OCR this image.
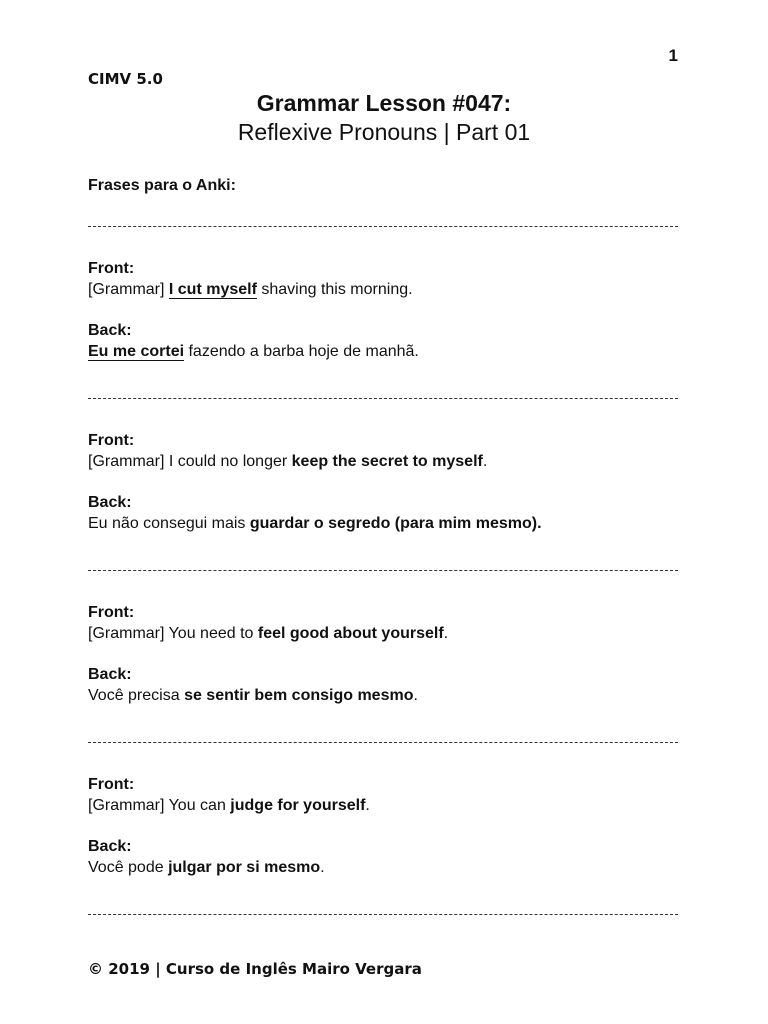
1
CIMV 5.0
Grammar Lesson #047:
Reflexive Pronouns | Part 01
Frases para o Anki:
Front:
[Grammar] I cut myself shaving this morning.
Back:
Eu me cortei fazendo a barba hoje de manhã.
Front:
[Grammar] I could no longer keep the secret to myself.
Back:
Eu não consegui mais guardar o segredo (para mim mesmo).
Front:
[Grammar] You need to feel good about yourself.
Back:
Você precisa se sentir bem consigo mesmo.
Front:
[Grammar] You can judge for yourself.
Back:
Você pode julgar por si mesmo.
© 2019 | Curso de Inglês Mairo Vergara
